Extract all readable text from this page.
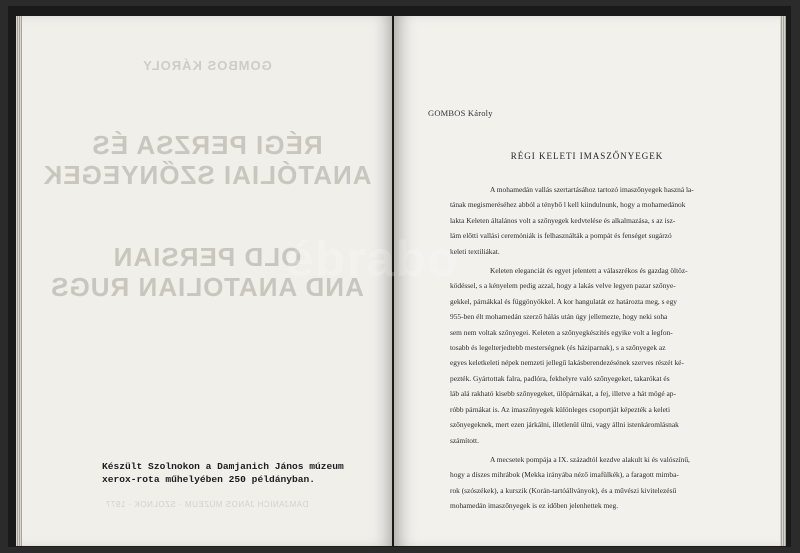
GOMBOS KÁROLY
RÉGI PERZSA ÉS
ANATÓLIAI SZŐNYEGEK
OLD PERSIAN
AND ANATOLIAN RUGS
DAMJANICH JÁNOS MÚZEUM · SZOLNOK · 1977
Készült Szolnokon a Damjanich János múzeum
xerox-rota műhelyében 250 példányban.
GOMBOS Károly
RÉGI KELETI IMASZŐNYEGEK
A mohamedán vallás szertartásához tartozó imaszőnyegek haszná la-
tának megismeréséhez abból a ténybő l kell kiindulnunk, hogy a mohamedánok
lakta Keleten általános volt a szőnyegek kedvtelése és alkalmazása, s az isz-
lám előtti vallási ceremóniák is felhasználták a pompát és fenséget sugárzó
keleti textiliákat.
Keleten eleganciát és egyet jelentett a válaszrékos és gazdag öltöz-
ködéssel, s a kényelem pedig azzal, hogy a lakás velve legyen pazar szőnye-
gekkel, párnákkal és függönyökkel. A kor hangulatát ez határozta meg, s egy
955-ben élt mohamedán szerző hálás után úgy jellemezte, hogy neki soha
sem nem voltak szőnyegei. Keleten a szőnyegkészítés egyike volt a legfon-
tosabb és legelterjedtebb mesterségnek (és háziparnak), s a szőnyegek az
egyes keletkeleti népek nemzeti jellegű lakásberendezésének szerves részét ké-
pezték. Gyártottak falra, padlóra, fekhelyre való szőnyegeket, takarókat és
láb alá rakható kisebb szőnyegeket, ülőpárnákat, a fej, illetve a hát mögé ap-
róbb párnákat is. Az imaszőnyegek különleges csoportját képezték a keleti
szőnyegeknek, mert ezen járkálni, illetlenül ülni, vagy állni istenkáromlásnak
számított.
A mecsetek pompája a IX. századtól kezdve alakult ki és valószínű,
hogy a díszes mihrábok (Mekka irányába néző imafülkék), a faragott mimba-
rok (szószékek), a kurszik (Korán-tartóállványok), és a művészi kivitelezésű
mohamedán imaszőnyegek is ez időben jelenhettek meg.
ébrabo
